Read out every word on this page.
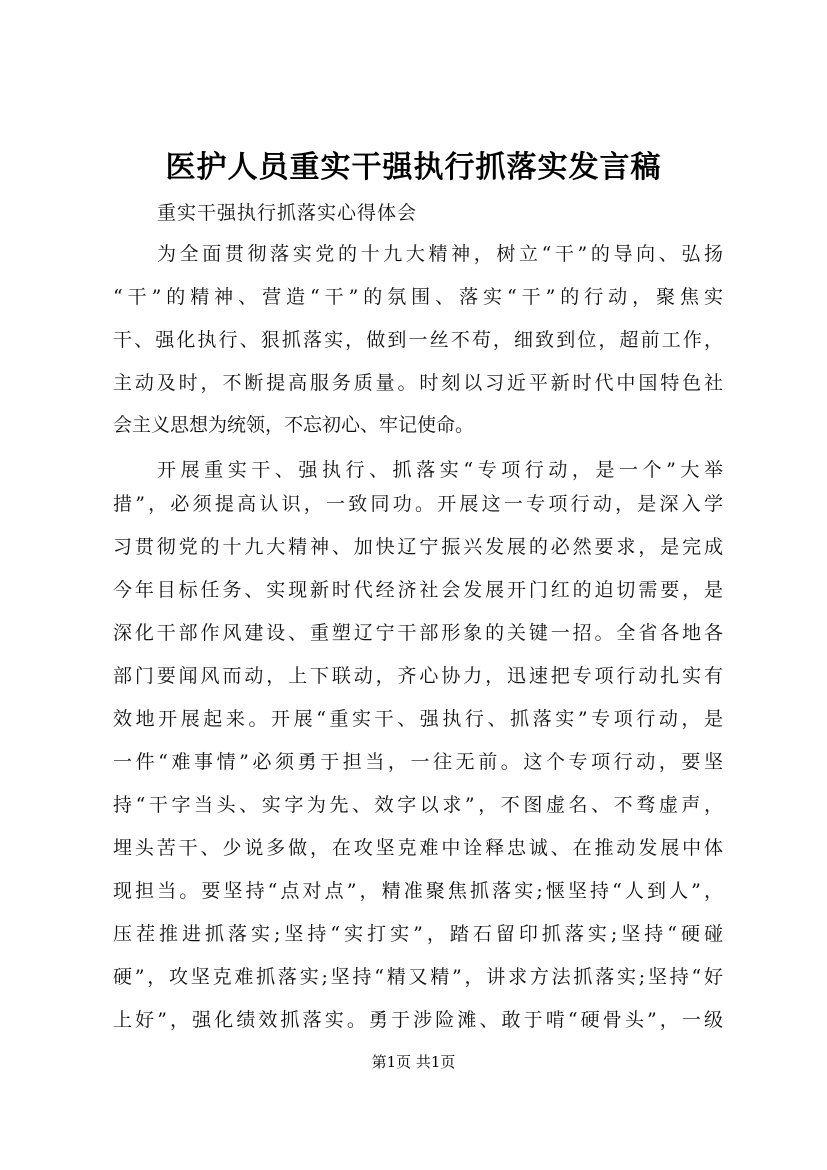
医护人员重实干强执行抓落实发言稿
重实干强执行抓落实心得体会
为全面贯彻落实党的十九大精神，树立“干”的导向、弘扬
“干”的精神、营造“干”的氛围、落实“干”的行动，聚焦实
干、强化执行、狠抓落实，做到一丝不苟，细致到位，超前工作，
主动及时，不断提高服务质量。时刻以习近平新时代中国特色社
会主义思想为统领，不忘初心、牢记使命。
开展重实干、强执行、抓落实“专项行动，是一个”大举
措”，必须提高认识，一致同功。开展这一专项行动，是深入学
习贯彻党的十九大精神、加快辽宁振兴发展的必然要求，是完成
今年目标任务、实现新时代经济社会发展开门红的迫切需要，是
深化干部作风建设、重塑辽宁干部形象的关键一招。全省各地各
部门要闻风而动，上下联动，齐心协力，迅速把专项行动扎实有
效地开展起来。开展“重实干、强执行、抓落实”专项行动，是
一件“难事情”必须勇于担当，一往无前。这个专项行动，要坚
持“干字当头、实字为先、效字以求”，不图虚名、不骛虚声，
埋头苦干、少说多做，在攻坚克难中诠释忠诚、在推动发展中体
现担当。要坚持“点对点”，精准聚焦抓落实;惬坚持“人到人”，
压茬推进抓落实;坚持“实打实”，踏石留印抓落实;坚持“硬碰
硬”，攻坚克难抓落实;坚持“精又精”，讲求方法抓落实;坚持“好
上好”，强化绩效抓落实。勇于涉险滩、敢于啃“硬骨头”，一级
第1页 共1页
